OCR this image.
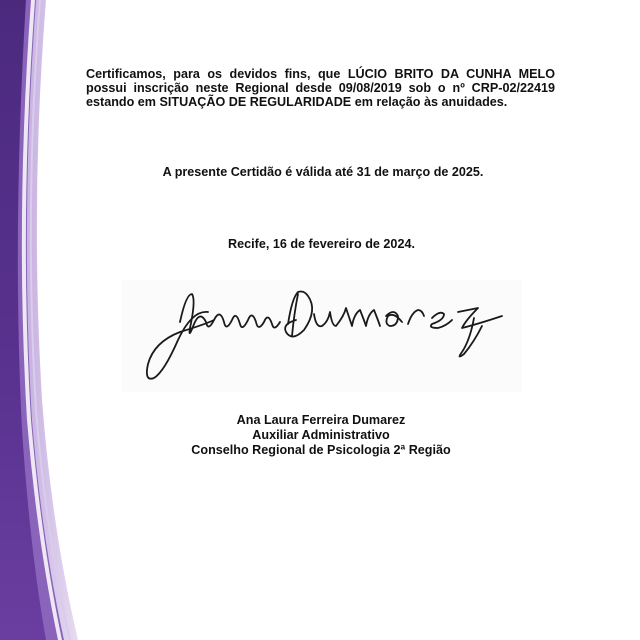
Certificamos, para os devidos fins, que LÚCIO BRITO DA CUNHA MELO
possui inscrição neste Regional desde 09/08/2019 sob o nº CRP-02/22419
estando em SITUAÇÃO DE REGULARIDADE em relação às anuidades.
A presente Certidão é válida até 31 de março de 2025.
Recife, 16 de fevereiro de 2024.
Ana Laura Ferreira Dumarez
Auxiliar Administrativo
Conselho Regional de Psicologia 2ª Região
